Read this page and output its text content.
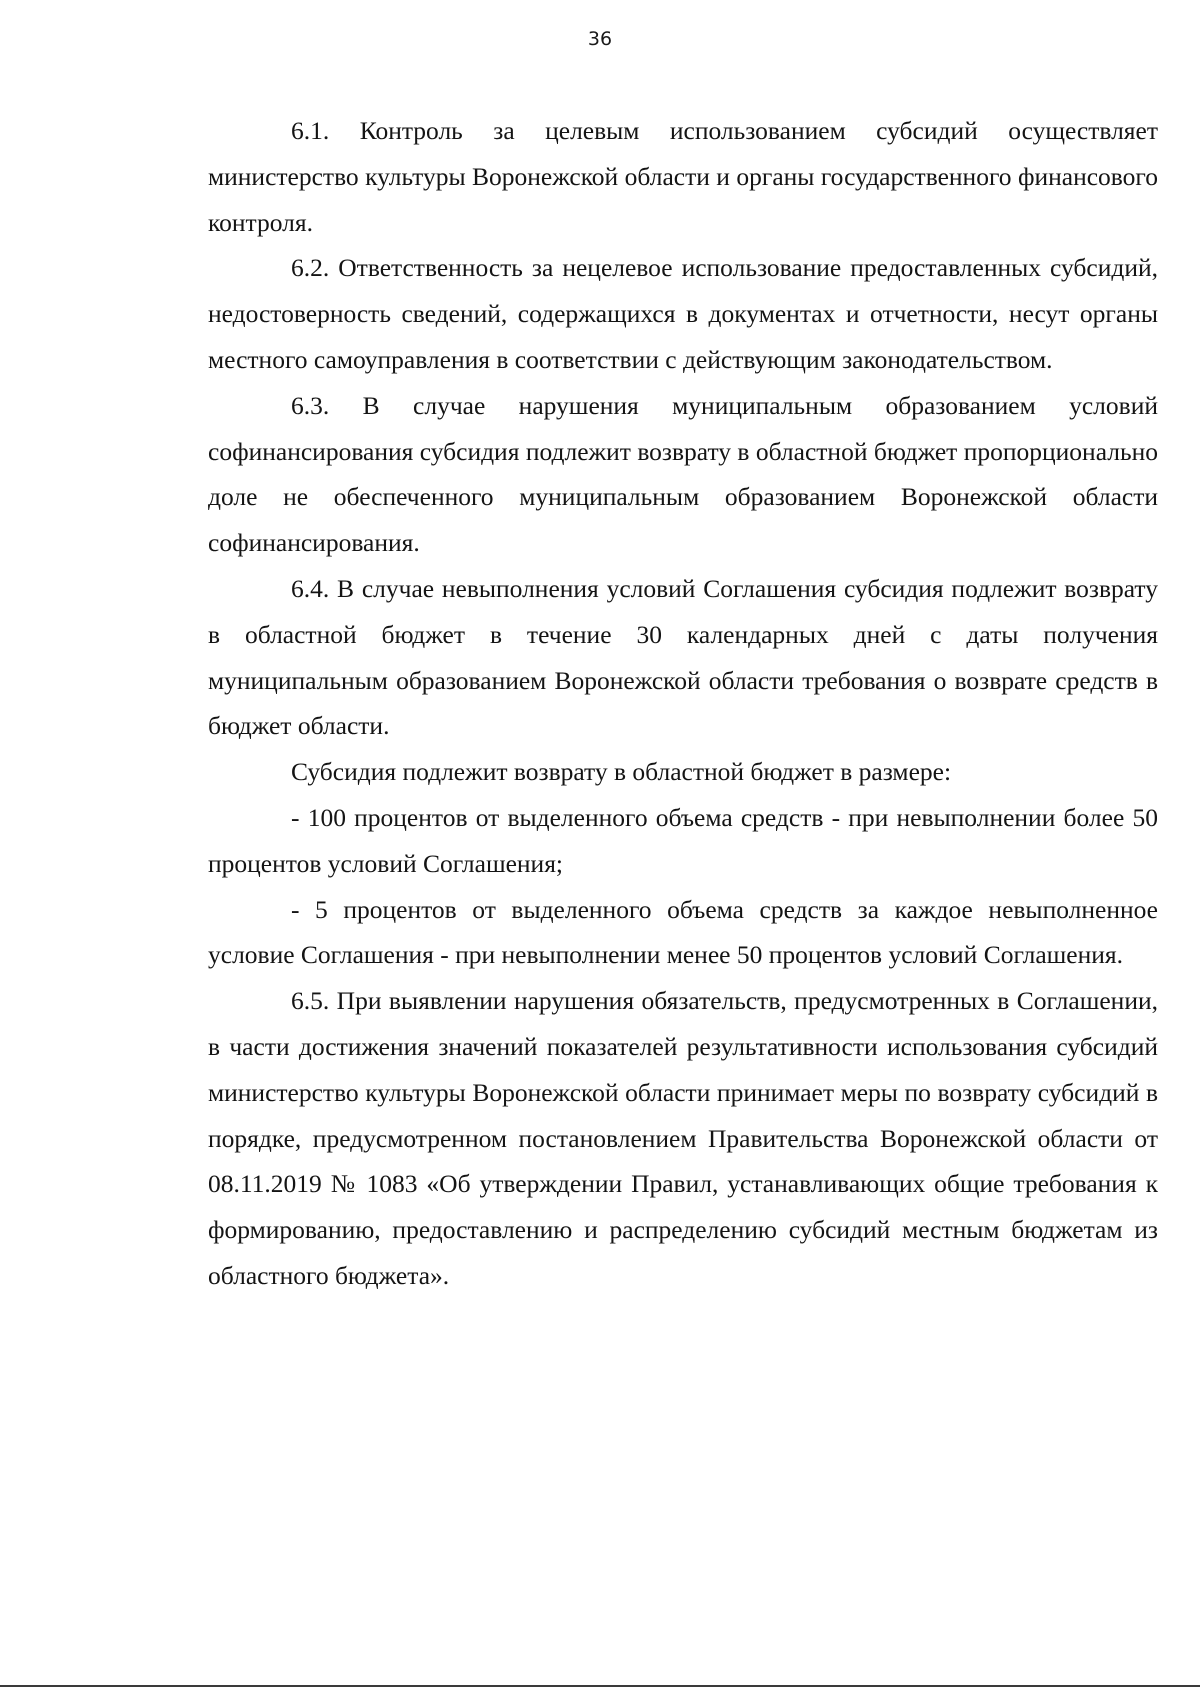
36

6.1. Контроль за целевым использованием субсидий осуществляет министерство культуры Воронежской области и органы государственного финансового контроля.

6.2. Ответственность за нецелевое использование предоставленных субсидий, недостоверность сведений, содержащихся в документах и отчетности, несут органы местного самоуправления в соответствии с действующим законодательством.

6.3. В случае нарушения муниципальным образованием условий софинансирования субсидия подлежит возврату в областной бюджет пропорционально доле не обеспеченного муниципальным образованием Воронежской области софинансирования.

6.4. В случае невыполнения условий Соглашения субсидия подлежит возврату в областной бюджет в течение 30 календарных дней с даты получения муниципальным образованием Воронежской области требования о возврате средств в бюджет области.

Субсидия подлежит возврату в областной бюджет в размере:

- 100 процентов от выделенного объема средств - при невыполнении более 50 процентов условий Соглашения;

- 5 процентов от выделенного объема средств за каждое невыполненное условие Соглашения - при невыполнении менее 50 процентов условий Соглашения.

6.5. При выявлении нарушения обязательств, предусмотренных в Соглашении, в части достижения значений показателей результативности использования субсидий министерство культуры Воронежской области принимает меры по возврату субсидий в порядке, предусмотренном постановлением Правительства Воронежской области от 08.11.2019 № 1083 «Об утверждении Правил, устанавливающих общие требования к формированию, предоставлению и распределению субсидий местным бюджетам из областного бюджета».
